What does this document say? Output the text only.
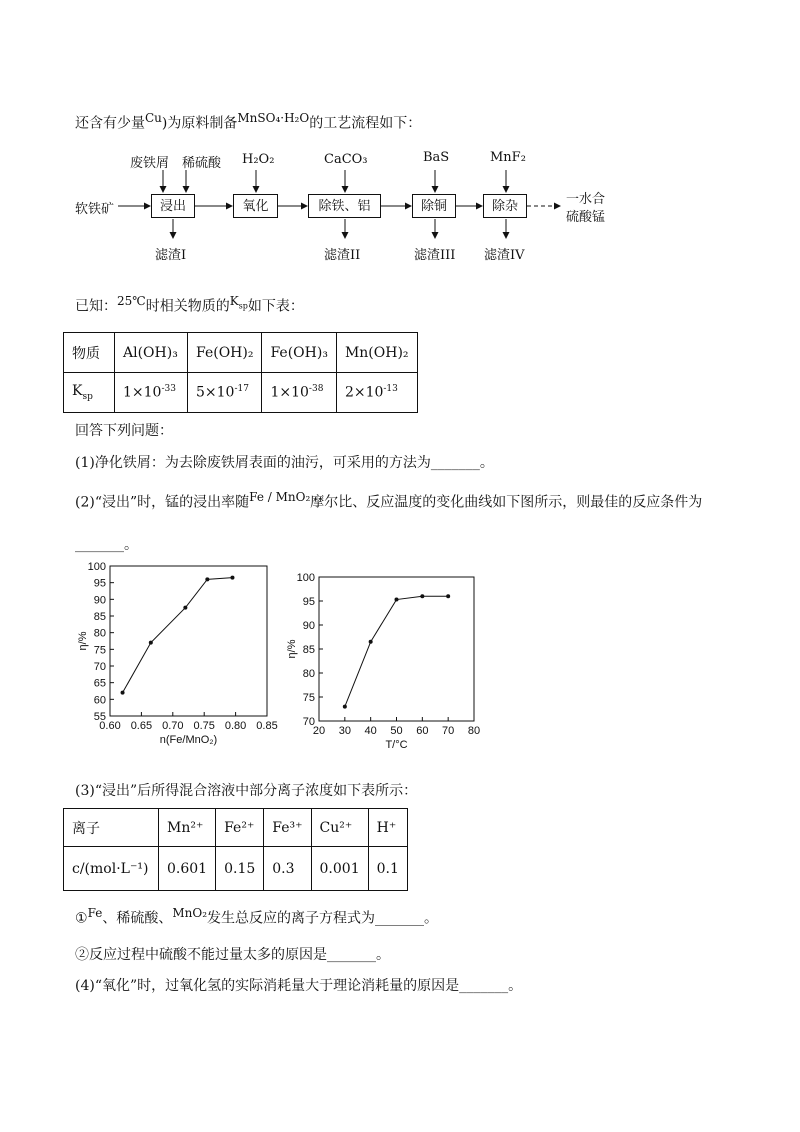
还含有少量$^{Cu}$)为原料制备$^{MnSO_4\cdot H_2O}$的工艺流程如下：
软铁矿
废铁屑 稀硫酸 H₂O₂	CaCO₃	BaS	MnF₂
浸出	氧化	除铁、铝	除铜	除杂
滤渣I	滤渣II	滤渣III 滤渣IV
一水合
硫酸锰
已知：$^{25℃}$时相关物质的$^{K_{sp}}$如下表：
物质	Al(OH)₃	Fe(OH)₂	Fe(OH)₃	Mn(OH)₂
$K_{sp}$	$1\times 10^{-33}$	$5\times 10^{-17}$	$1\times 10^{-38}$	$2\times 10^{-13}$
回答下列问题：
(1)净化铁屑：为去除废铁屑表面的油污，可采用的方法为_______。
(2)“浸出”时，锰的浸出率随$^{Fe / MnO_2}$摩尔比、反应温度的变化曲线如下图所示，则最佳的反应条件为
_______。
0.60 0.65 0.70 0.75 0.80 0.85
55
60
65
70
75
80
85
90
95
100
n(Fe/MnO₂)
η/%
20 30 40 50 60 70 80
70
75
80
85
90
95
100
T/°C
η/%
(3)“浸出”后所得混合溶液中部分离子浓度如下表所示：
离子	Mn²⁺	Fe²⁺	Fe³⁺	Cu²⁺	H⁺
c/(mol·L⁻¹)	0.601	0.15	0.3	0.001	0.1
①$^{Fe}$、稀硫酸、$^{MnO_2}$发生总反应的离子方程式为_______。
②反应过程中硫酸不能过量太多的原因是_______。
(4)“氧化”时，过氧化氢的实际消耗量大于理论消耗量的原因是_______。
